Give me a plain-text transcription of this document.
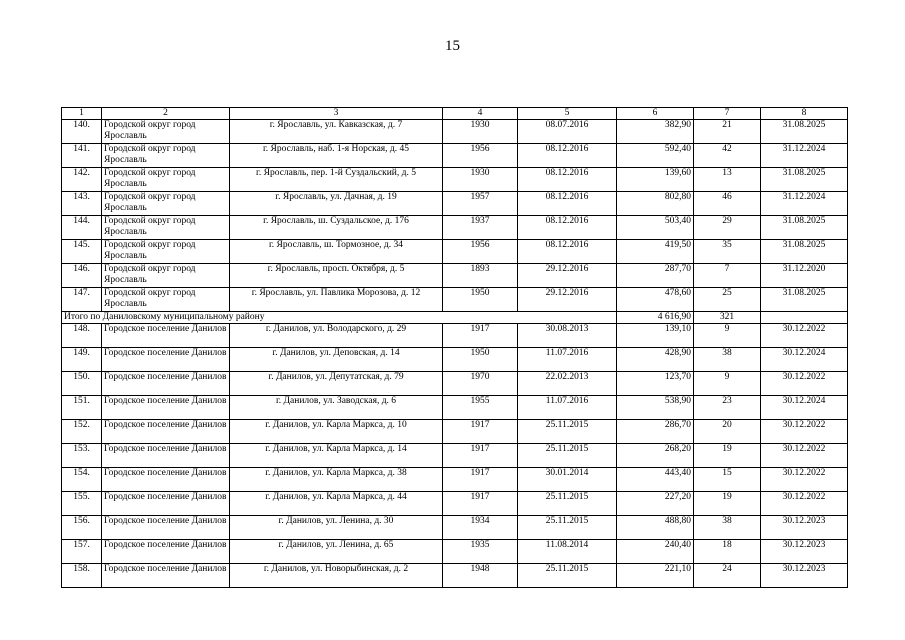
15
1	2	3	4	5	6	7	8
140.	Городской округ город Ярославль	г. Ярославль, ул. Кавказская, д. 7	1930	08.07.2016	382,90	21	31.08.2025
141.	Городской округ город Ярославль	г. Ярославль, наб. 1-я Норская, д. 45	1956	08.12.2016	592,40	42	31.12.2024
142.	Городской округ город Ярославль	г. Ярославль, пер. 1-й Суздальский, д. 5	1930	08.12.2016	139,60	13	31.08.2025
143.	Городской округ город Ярославль	г. Ярославль, ул. Дачная, д. 19	1957	08.12.2016	802,80	46	31.12.2024
144.	Городской округ город Ярославль	г. Ярославль, ш. Суздальское, д. 176	1937	08.12.2016	503,40	29	31.08.2025
145.	Городской округ город Ярославль	г. Ярославль, ш. Тормозное, д. 34	1956	08.12.2016	419,50	35	31.08.2025
146.	Городской округ город Ярославль	г. Ярославль, просп. Октября, д. 5	1893	29.12.2016	287,70	7	31.12.2020
147.	Городской округ город Ярославль	г. Ярославль, ул. Павлика Морозова, д. 12	1950	29.12.2016	478,60	25	31.08.2025
Итого по Даниловскому муниципальному району					4 616,90	321	
148.	Городское поселение Данилов	г. Данилов, ул. Володарского, д. 29	1917	30.08.2013	139,10	9	30.12.2022
149.	Городское поселение Данилов	г. Данилов, ул. Деповская, д. 14	1950	11.07.2016	428,90	38	30.12.2024
150.	Городское поселение Данилов	г. Данилов, ул. Депутатская, д. 79	1970	22.02.2013	123,70	9	30.12.2022
151.	Городское поселение Данилов	г. Данилов, ул. Заводская, д. 6	1955	11.07.2016	538,90	23	30.12.2024
152.	Городское поселение Данилов	г. Данилов, ул. Карла Маркса, д. 10	1917	25.11.2015	286,70	20	30.12.2022
153.	Городское поселение Данилов	г. Данилов, ул. Карла Маркса, д. 14	1917	25.11.2015	268,20	19	30.12.2022
154.	Городское поселение Данилов	г. Данилов, ул. Карла Маркса, д. 38	1917	30.01.2014	443,40	15	30.12.2022
155.	Городское поселение Данилов	г. Данилов, ул. Карла Маркса, д. 44	1917	25.11.2015	227,20	19	30.12.2022
156.	Городское поселение Данилов	г. Данилов, ул. Ленина, д. 30	1934	25.11.2015	488,80	38	30.12.2023
157.	Городское поселение Данилов	г. Данилов, ул. Ленина, д. 65	1935	11.08.2014	240,40	18	30.12.2023
158.	Городское поселение Данилов	г. Данилов, ул. Новорыбинская, д. 2	1948	25.11.2015	221,10	24	30.12.2023
